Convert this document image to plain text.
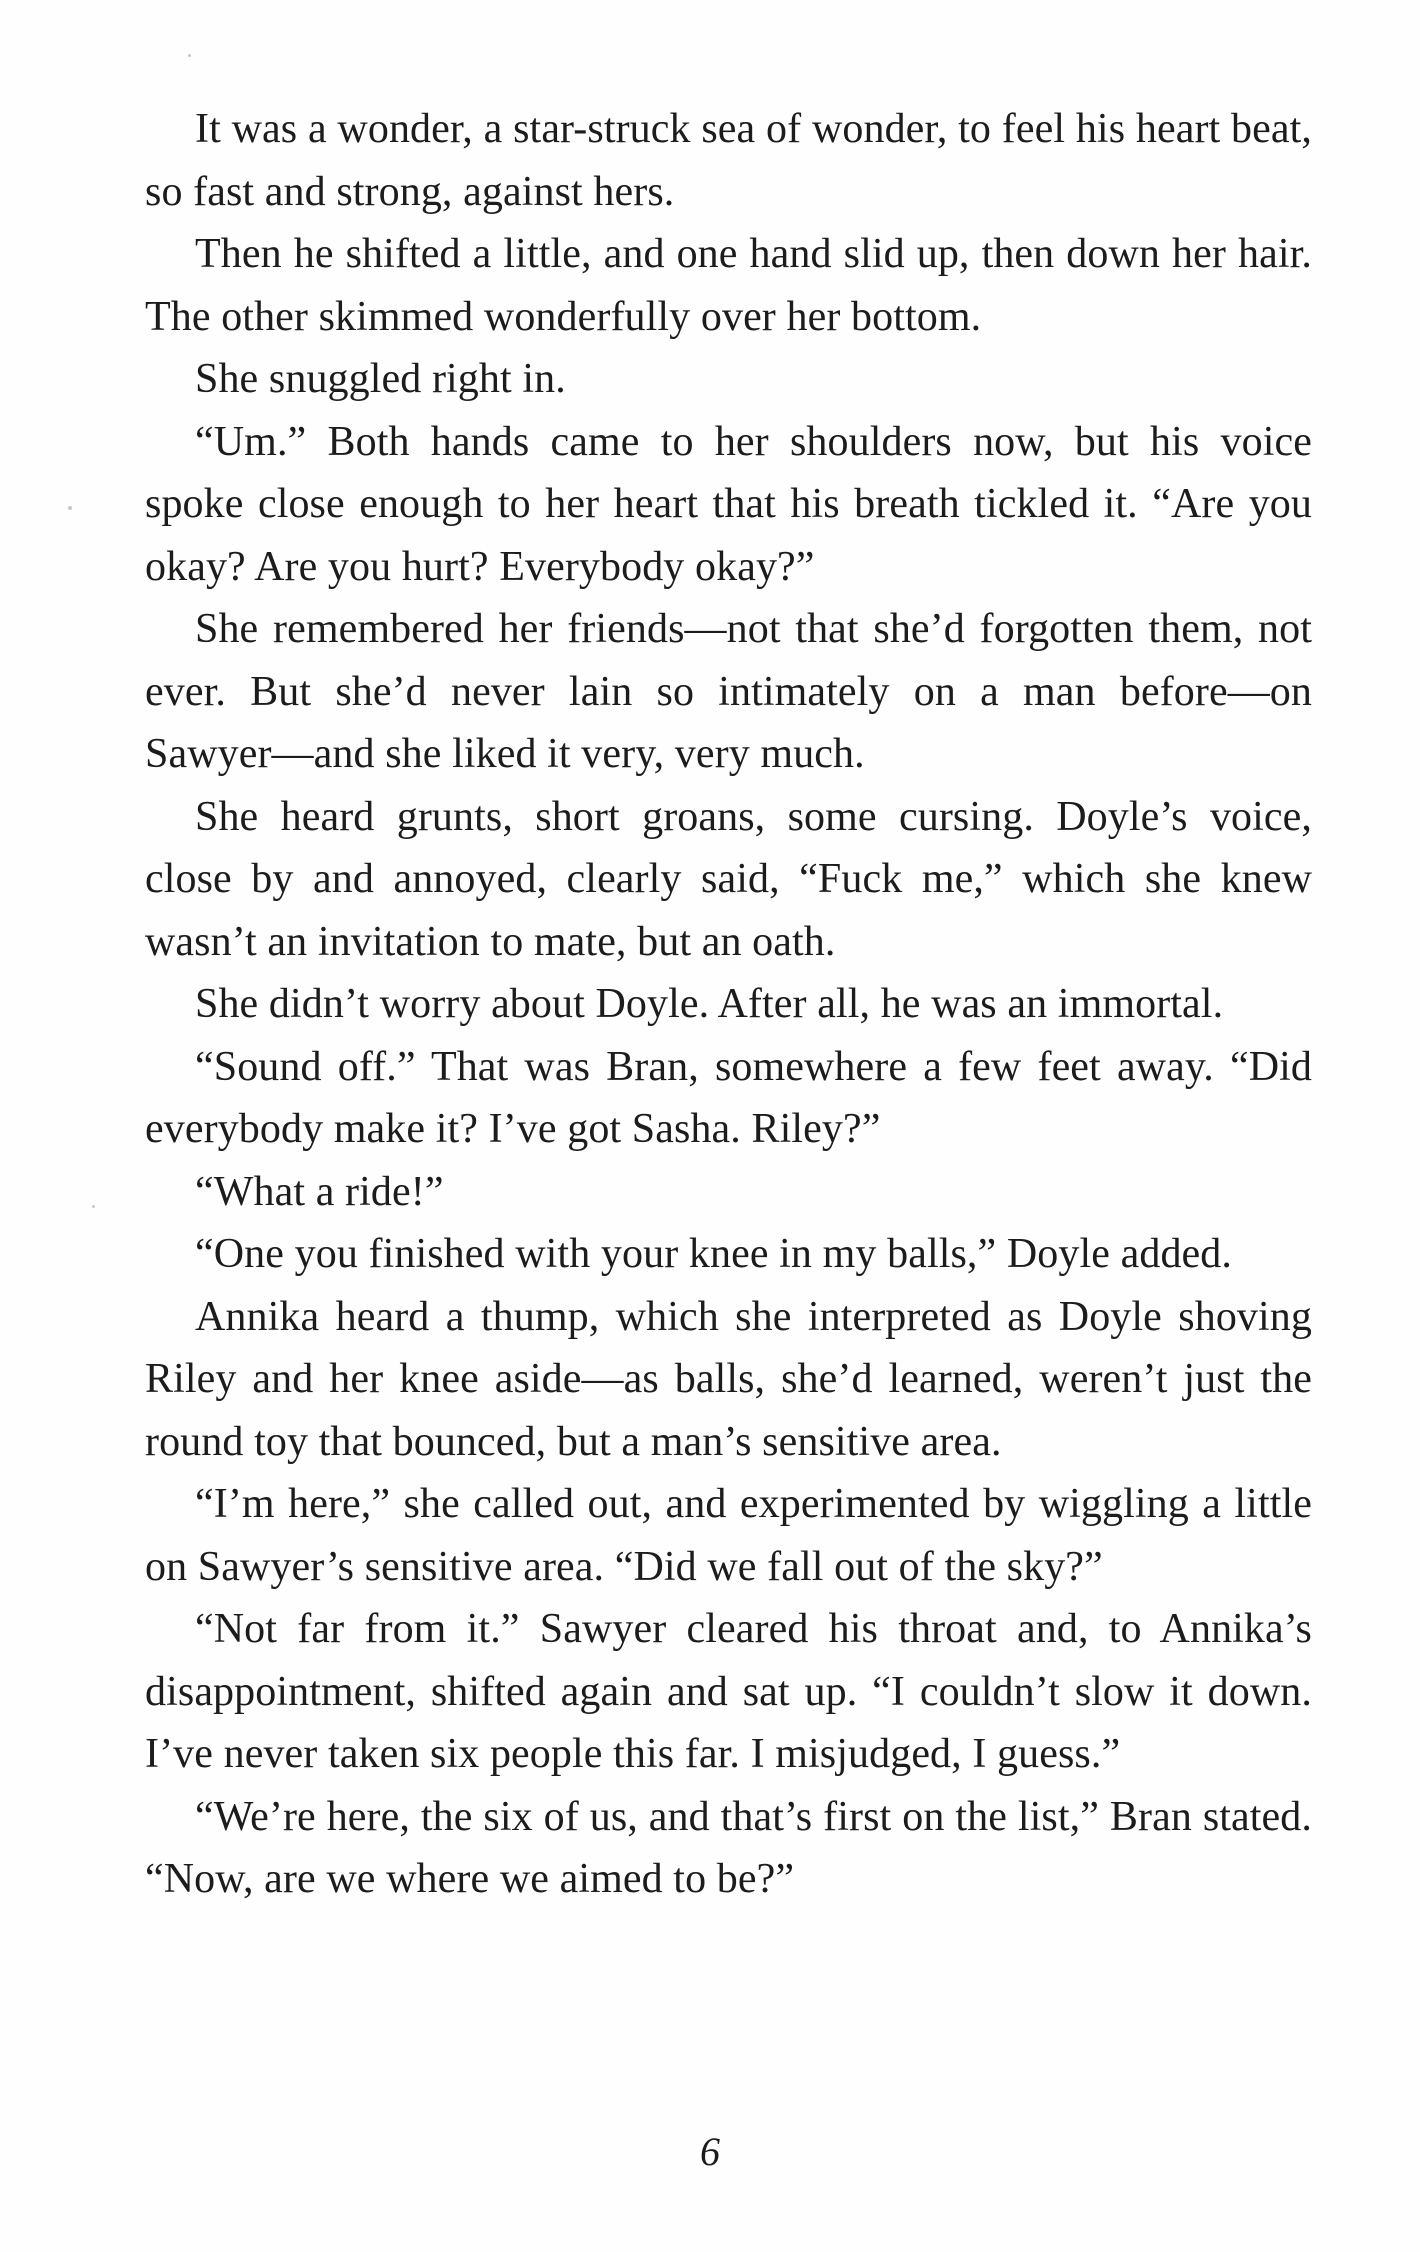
It was a wonder, a star-struck sea of wonder, to feel his heart beat, so fast and strong, against hers.

Then he shifted a little, and one hand slid up, then down her hair. The other skimmed wonderfully over her bottom.

She snuggled right in.

“Um.” Both hands came to her shoulders now, but his voice spoke close enough to her heart that his breath tickled it. “Are you okay? Are you hurt? Everybody okay?”

She remembered her friends—not that she’d forgotten them, not ever. But she’d never lain so intimately on a man before—on Sawyer—and she liked it very, very much.

She heard grunts, short groans, some cursing. Doyle’s voice, close by and annoyed, clearly said, “Fuck me,” which she knew wasn’t an invitation to mate, but an oath.

She didn’t worry about Doyle. After all, he was an immortal.

“Sound off.” That was Bran, somewhere a few feet away. “Did everybody make it? I’ve got Sasha. Riley?”

“What a ride!”

“One you finished with your knee in my balls,” Doyle added.

Annika heard a thump, which she interpreted as Doyle shoving Riley and her knee aside—as balls, she’d learned, weren’t just the round toy that bounced, but a man’s sensitive area.

“I’m here,” she called out, and experimented by wiggling a little on Sawyer’s sensitive area. “Did we fall out of the sky?”

“Not far from it.” Sawyer cleared his throat and, to Annika’s disappointment, shifted again and sat up. “I couldn’t slow it down. I’ve never taken six people this far. I misjudged, I guess.”

“We’re here, the six of us, and that’s first on the list,” Bran stated. “Now, are we where we aimed to be?”

6
